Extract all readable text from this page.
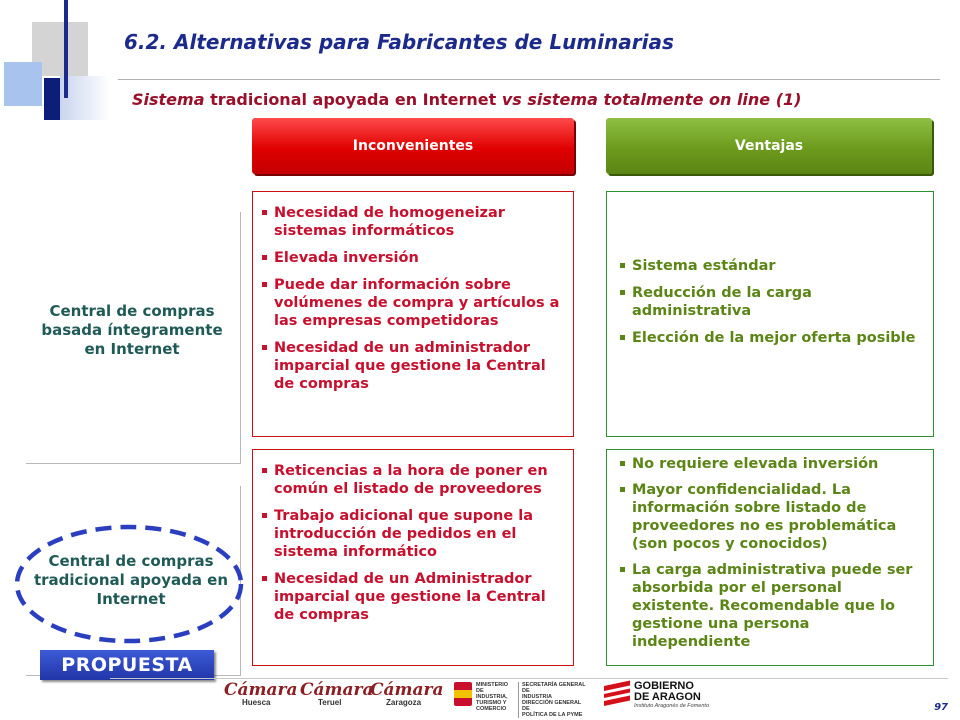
6.2. Alternativas para Fabricantes de Luminarias
Sistema tradicional apoyada en Internet vs sistema totalmente on line (1)
Inconvenientes	Ventajas
Central de compras basada íntegramente en Internet
Necesidad de homogeneizar sistemas informáticos
Elevada inversión
Puede dar información sobre volúmenes de compra y artículos a las empresas competidoras
Necesidad de un administrador imparcial que gestione la Central de compras
Sistema estándar
Reducción de la carga administrativa
Elección de la mejor oferta posible
Central de compras tradicional apoyada en Internet
Reticencias a la hora de poner en común el listado de proveedores
Trabajo adicional que supone la introducción de pedidos en el sistema informático
Necesidad de un Administrador imparcial que gestione la Central de compras
No requiere elevada inversión
Mayor confidencialidad. La información sobre listado de proveedores no es problemática (son pocos y conocidos)
La carga administrativa puede ser absorbida por el personal existente. Recomendable que lo gestione una persona independiente
PROPUESTA
Cámara
Huesca
Cámara
Teruel
Cámara
Zaragoza
MINISTERIO
DE INDUSTRIA,
TURISMO Y
COMERCIO
SECRETARÍA GENERAL DE
INDUSTRIA
DIRECCIÓN GENERAL DE
POLÍTICA DE LA PYME
GOBIERNO
DE ARAGON
Instituto Aragonés de Fomento	97
